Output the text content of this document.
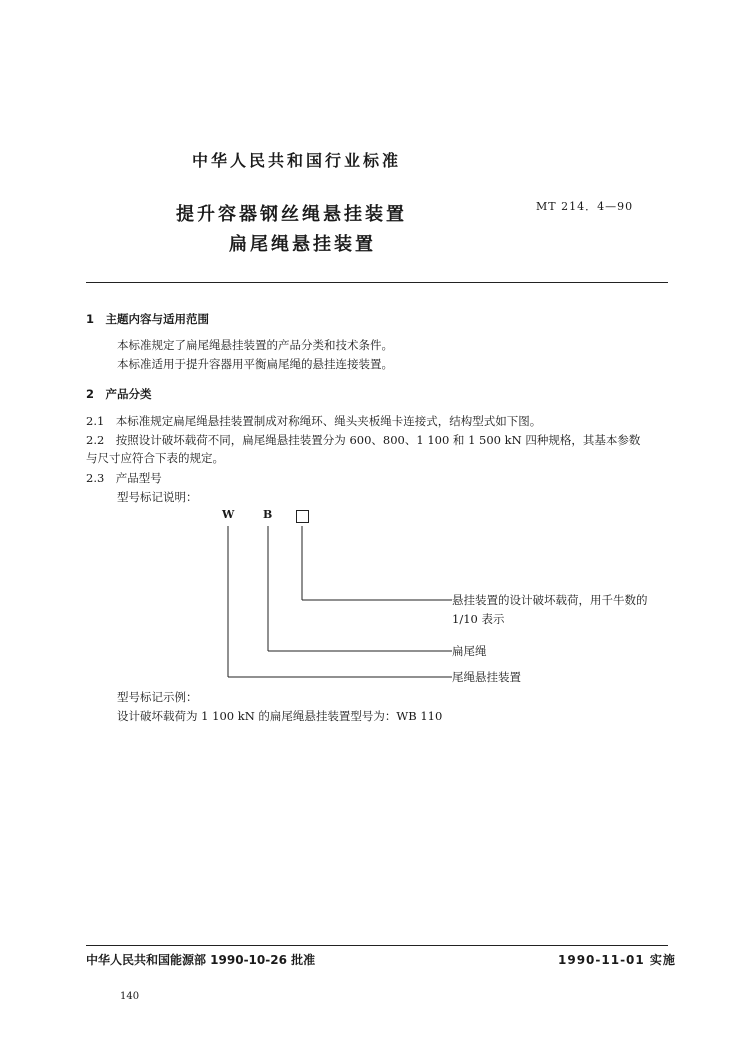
中华人民共和国行业标准
提升容器钢丝绳悬挂装置
扁尾绳悬挂装置
MT 214．4—90
1　主题内容与适用范围
本标准规定了扁尾绳悬挂装置的产品分类和技术条件。
本标准适用于提升容器用平衡扁尾绳的悬挂连接装置。
2　产品分类
2.1　本标准规定扁尾绳悬挂装置制成对称绳环、绳头夹板绳卡连接式，结构型式如下图。
2.2　按照设计破坏载荷不同，扁尾绳悬挂装置分为 600、800、1 100 和 1 500 kN 四种规格，其基本参数
与尺寸应符合下表的规定。
2.3　产品型号
型号标记说明：
W	B
悬挂装置的设计破坏载荷，用千牛数的
1/10 表示
扁尾绳
尾绳悬挂装置
型号标记示例：
设计破坏载荷为 1 100 kN 的扁尾绳悬挂装置型号为：WB 110
中华人民共和国能源部 1990-10-26 批准	1990-11-01 实施
140
